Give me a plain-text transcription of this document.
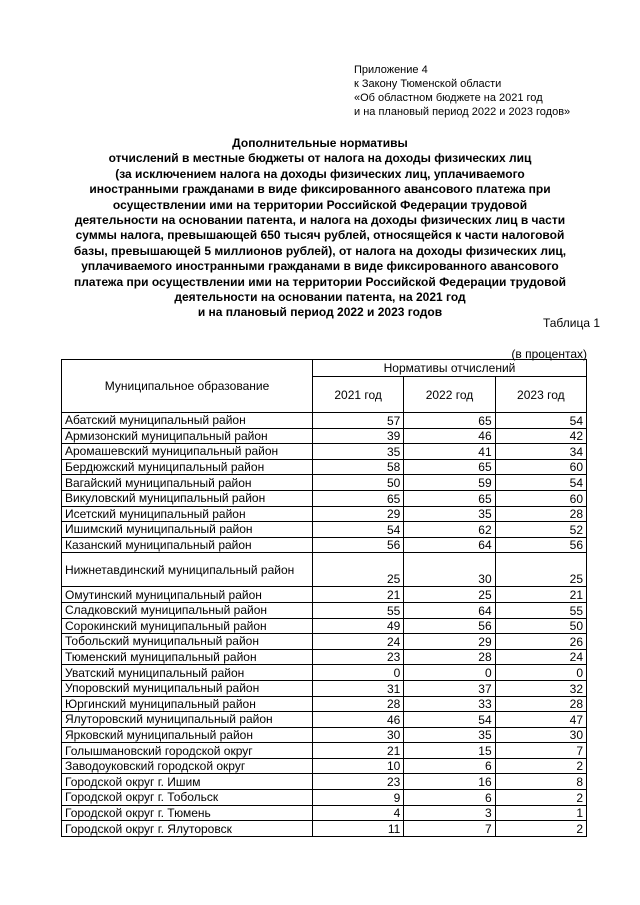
Приложение 4
к Закону Тюменской области
«Об областном бюджете на 2021 год
и на плановый период 2022 и 2023 годов»
Дополнительные нормативы
отчислений в местные бюджеты от налога на доходы физических лиц
(за исключением налога на доходы физических лиц, уплачиваемого
иностранными гражданами в виде фиксированного авансового платежа при
осуществлении ими на территории Российской Федерации трудовой
деятельности на основании патента, и налога на доходы физических лиц в части
суммы налога, превышающей 650 тысяч рублей, относящейся к части налоговой
базы, превышающей 5 миллионов рублей), от налога на доходы физических лиц,
уплачиваемого иностранными гражданами в виде фиксированного авансового
платежа при осуществлении ими на территории Российской Федерации трудовой
деятельности на основании патента, на 2021 год
и на плановый период 2022 и 2023 годов
Таблица 1
(в процентах)
Муниципальное образование	Нормативы отчислений		
	2021 год	2022 год	2023 год
Абатский муниципальный район	57	65	54
Армизонский муниципальный район	39	46	42
Аромашевский муниципальный район	35	41	34
Бердюжский муниципальный район	58	65	60
Вагайский муниципальный район	50	59	54
Викуловский муниципальный район	65	65	60
Исетский муниципальный район	29	35	28
Ишимский муниципальный район	54	62	52
Казанский муниципальный район	56	64	56
Нижнетавдинский муниципальный район	25	30	25
Омутинский муниципальный район	21	25	21
Сладковский муниципальный район	55	64	55
Сорокинский муниципальный район	49	56	50
Тобольский муниципальный район	24	29	26
Тюменский муниципальный район	23	28	24
Уватский муниципальный район	0	0	0
Упоровский муниципальный район	31	37	32
Юргинский муниципальный район	28	33	28
Ялуторовский муниципальный район	46	54	47
Ярковский муниципальный район	30	35	30
Голышмановский городской округ	21	15	7
Заводоуковский городской округ	10	6	2
Городской округ г. Ишим	23	16	8
Городской округ г. Тобольск	9	6	2
Городской округ г. Тюмень	4	3	1
Городской округ г. Ялуторовск	11	7	2
